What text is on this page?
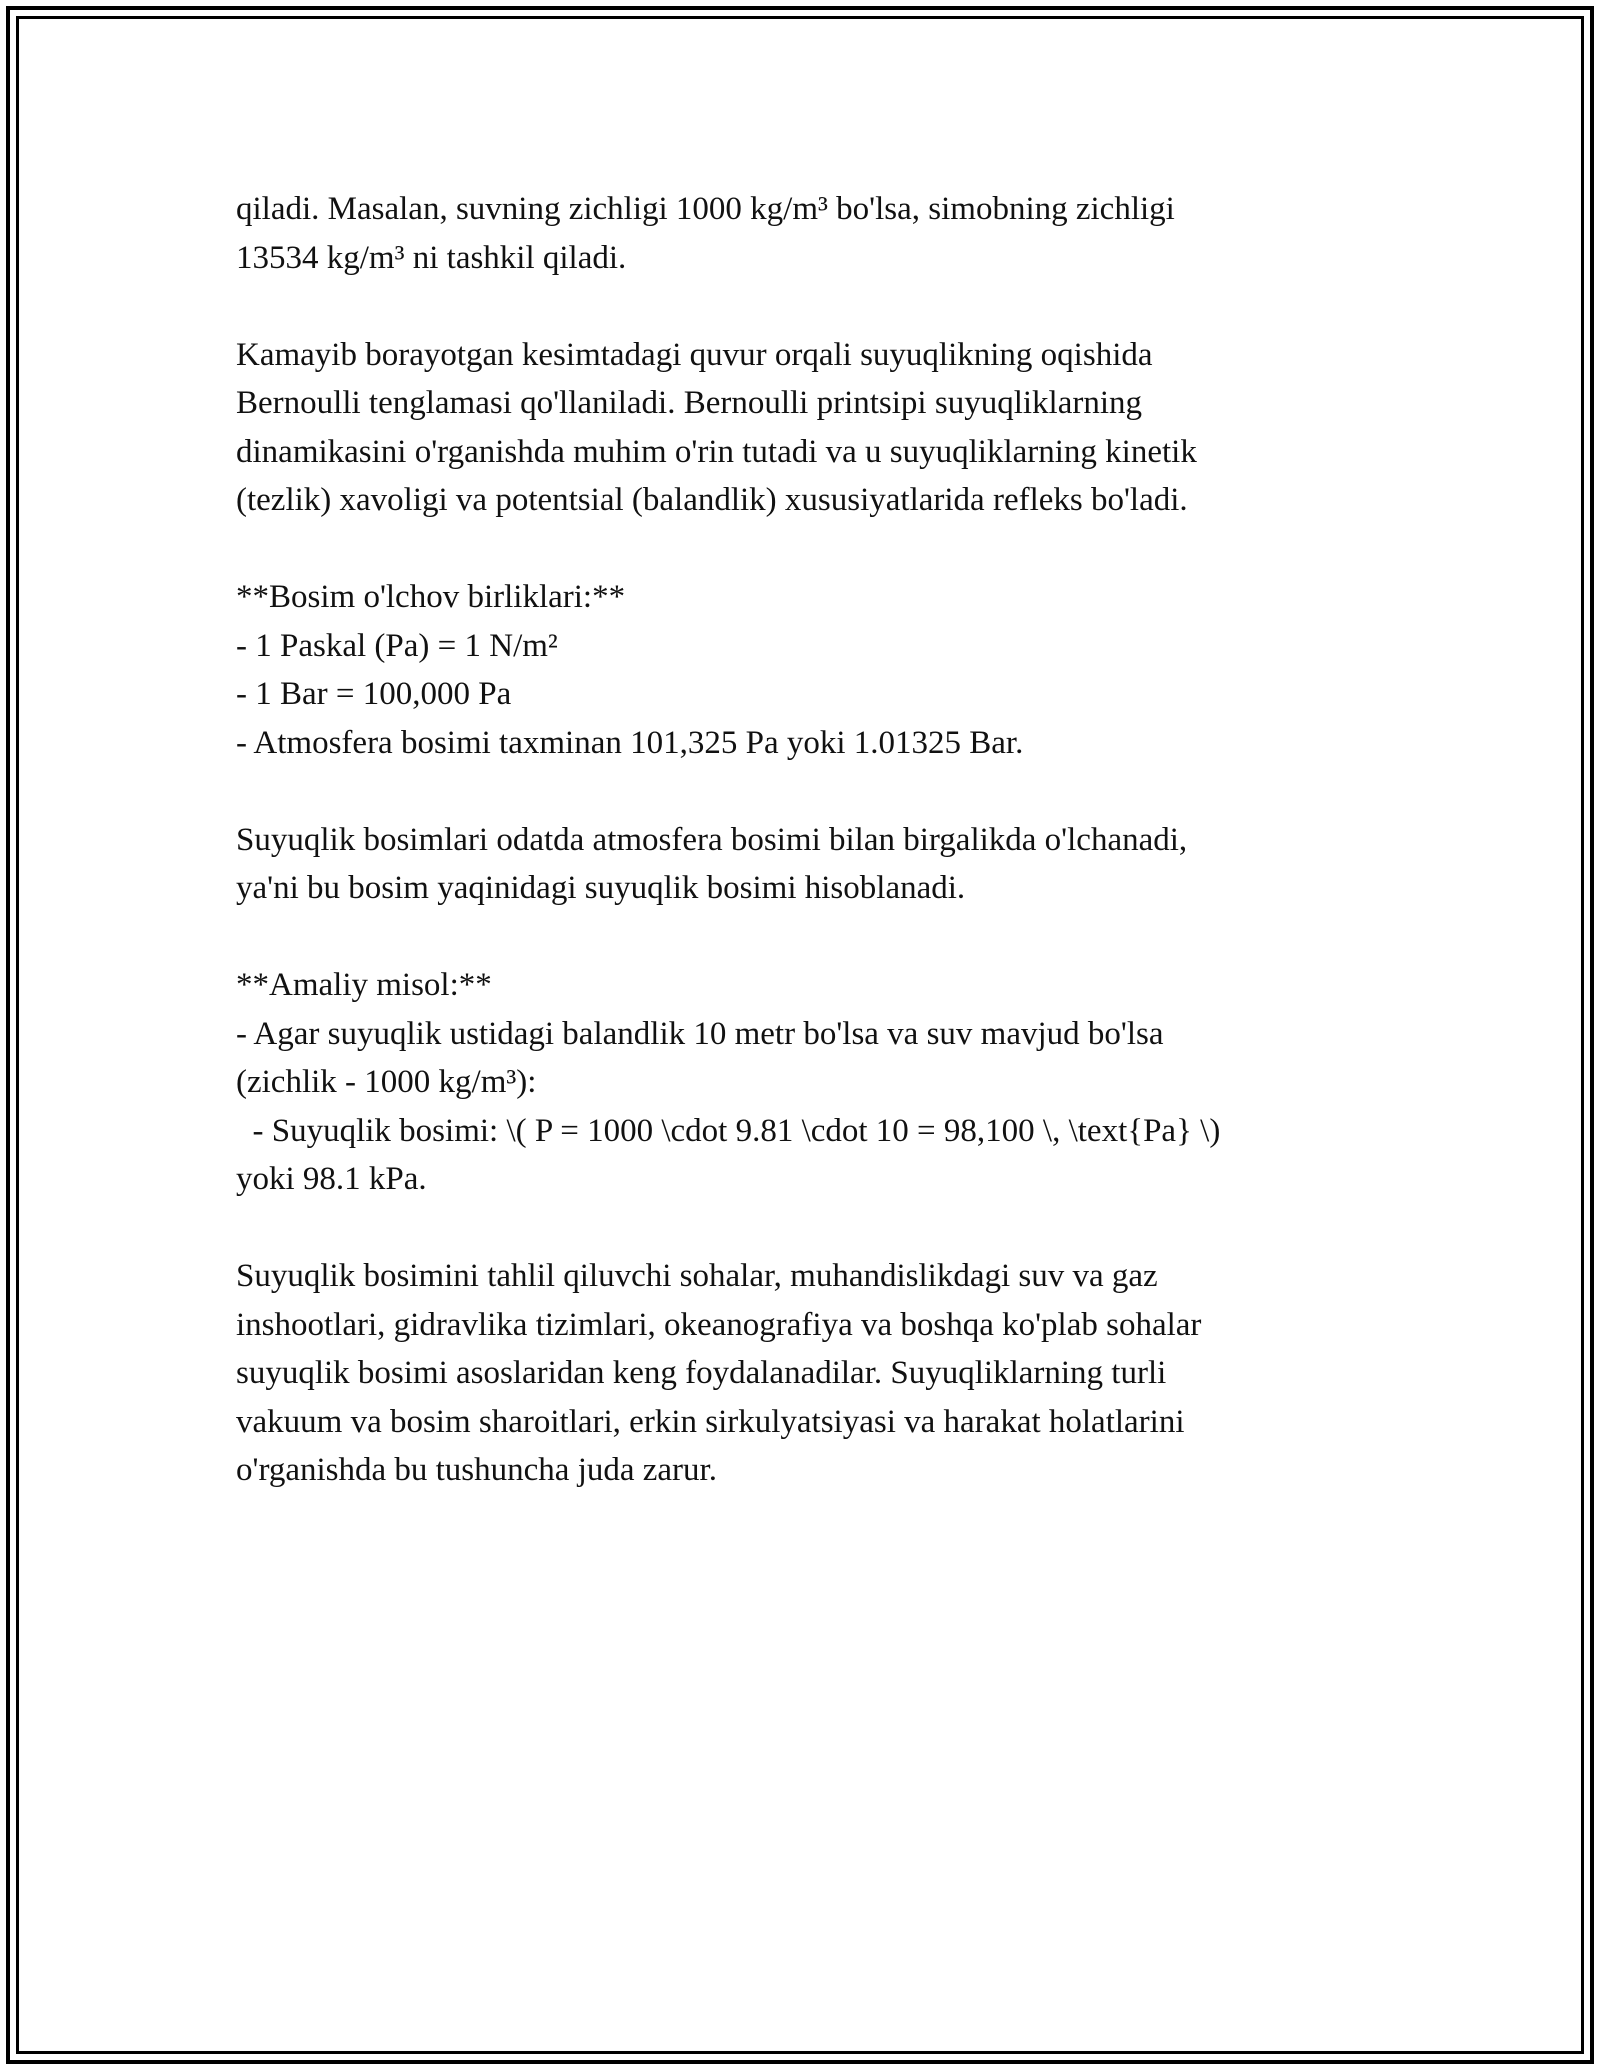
qiladi. Masalan, suvning zichligi 1000 kg/m³ bo'lsa, simobning zichligi
13534 kg/m³ ni tashkil qiladi.
Kamayib borayotgan kesimtadagi quvur orqali suyuqlikning oqishida
Bernoulli tenglamasi qo'llaniladi. Bernoulli printsipi suyuqliklarning
dinamikasini o'rganishda muhim o'rin tutadi va u suyuqliklarning kinetik
(tezlik) xavoligi va potentsial (balandlik) xususiyatlarida refleks bo'ladi.
**Bosim o'lchov birliklari:**
- 1 Paskal (Pa) = 1 N/m²
- 1 Bar = 100,000 Pa
- Atmosfera bosimi taxminan 101,325 Pa yoki 1.01325 Bar.
Suyuqlik bosimlari odatda atmosfera bosimi bilan birgalikda o'lchanadi,
ya'ni bu bosim yaqinidagi suyuqlik bosimi hisoblanadi.
**Amaliy misol:**
- Agar suyuqlik ustidagi balandlik 10 metr bo'lsa va suv mavjud bo'lsa
(zichlik - 1000 kg/m³):
- Suyuqlik bosimi: \( P = 1000 \cdot 9.81 \cdot 10 = 98,100 \, \text{Pa} \)
yoki 98.1 kPa.
Suyuqlik bosimini tahlil qiluvchi sohalar, muhandislikdagi suv va gaz
inshootlari, gidravlika tizimlari, okeanografiya va boshqa ko'plab sohalar
suyuqlik bosimi asoslaridan keng foydalanadilar. Suyuqliklarning turli
vakuum va bosim sharoitlari, erkin sirkulyatsiyasi va harakat holatlarini
o'rganishda bu tushuncha juda zarur.
